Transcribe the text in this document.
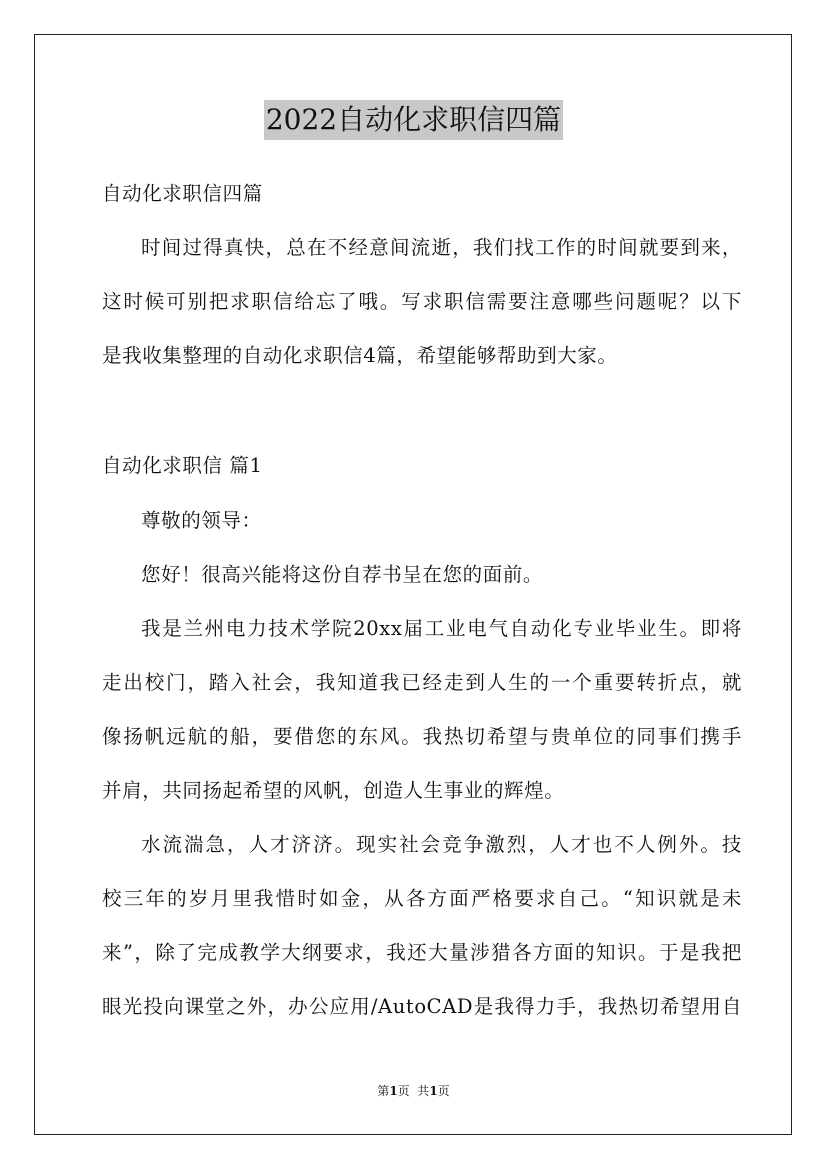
2022自动化求职信四篇
自动化求职信四篇
时间过得真快，总在不经意间流逝，我们找工作的时间就要到来，
这时候可别把求职信给忘了哦。写求职信需要注意哪些问题呢？以下
是我收集整理的自动化求职信4篇，希望能够帮助到大家。
自动化求职信 篇1
尊敬的领导：
您好！很高兴能将这份自荐书呈在您的面前。
我是兰州电力技术学院20xx届工业电气自动化专业毕业生。即将
走出校门，踏入社会，我知道我已经走到人生的一个重要转折点，就
像扬帆远航的船，要借您的东风。我热切希望与贵单位的同事们携手
并肩，共同扬起希望的风帆，创造人生事业的辉煌。
水流湍急，人才济济。现实社会竞争激烈，人才也不人例外。技
校三年的岁月里我惜时如金，从各方面严格要求自己。“知识就是未
来”，除了完成教学大纲要求，我还大量涉猎各方面的知识。于是我把
眼光投向课堂之外，办公应用/AutoCAD是我得力手，我热切希望用自
第1页  共1页
